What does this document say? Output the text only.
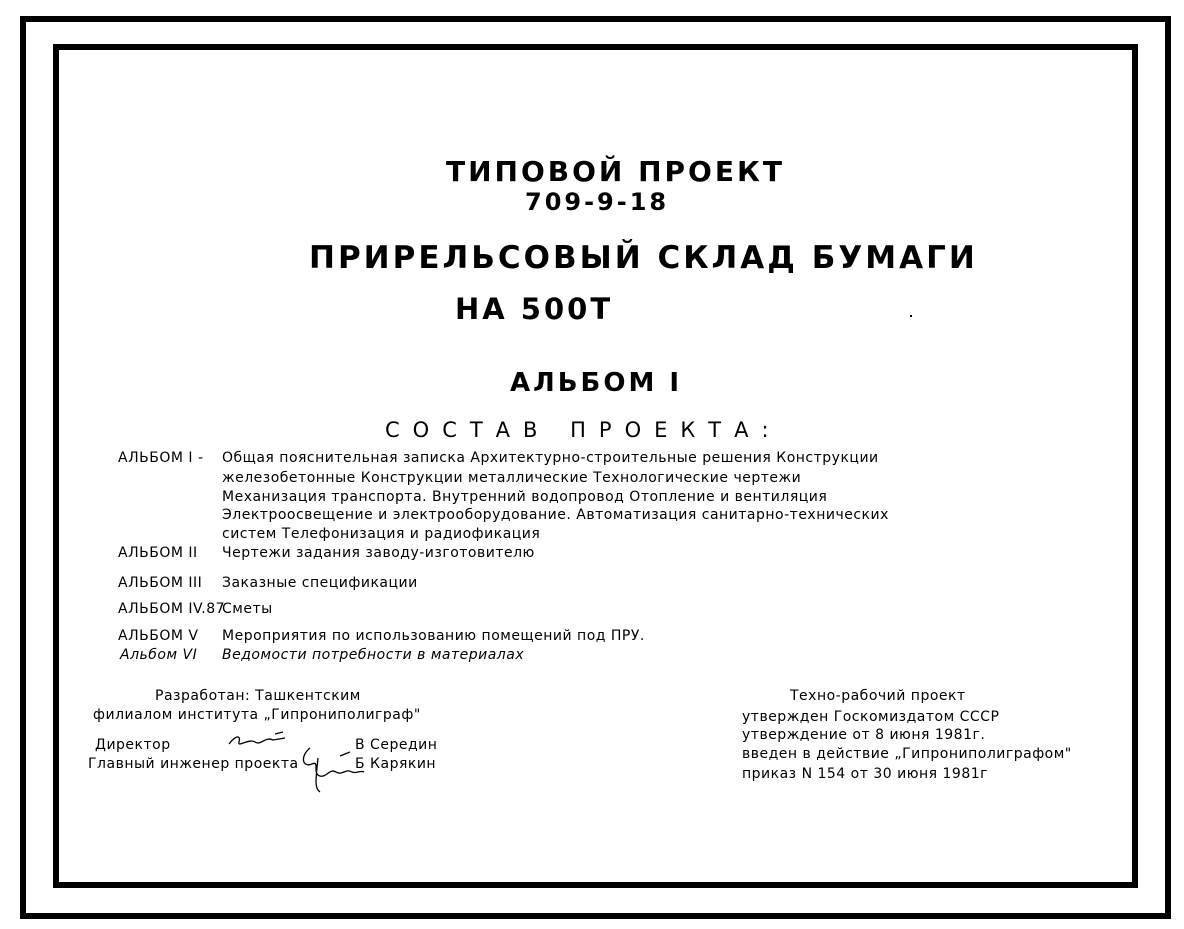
ТИПОВОЙ ПРОЕКТ
709-9-18
ПРИРЕЛЬСОВЫЙ СКЛАД БУМАГИ
НА 500Т
АЛЬБОМ I
СОСТАВ ПРОЕКТА:
АЛЬБОМ I - Общая пояснительная записка Архитектурно-строительные решения Конструкции
железобетонные Конструкции металлические Технологические чертежи
Механизация транспорта. Внутренний водопровод Отопление и вентиляция
Электроосвещение и электрооборудование. Автоматизация санитарно-технических
систем Телефонизация и радиофикация
АЛЬБОМ II Чертежи задания заводу-изготовителю
АЛЬБОМ III Заказные спецификации
АЛЬБОМ IV.87
Сметы
АЛЬБОМ V Мероприятия по использованию помещений под ПРУ.
Альбом VI Ведомости потребности в материалах
Разработан: Ташкентским
филиалом института „Гипрониполиграф"
Директор	В Середин
Главный инженер проекта	Б Карякин
Техно-рабочий проект
утвержден Госкомиздатом СССР
утверждение от 8 июня 1981г.
введен в действие „Гипрониполиграфом"
приказ N 154 от 30 июня 1981г
